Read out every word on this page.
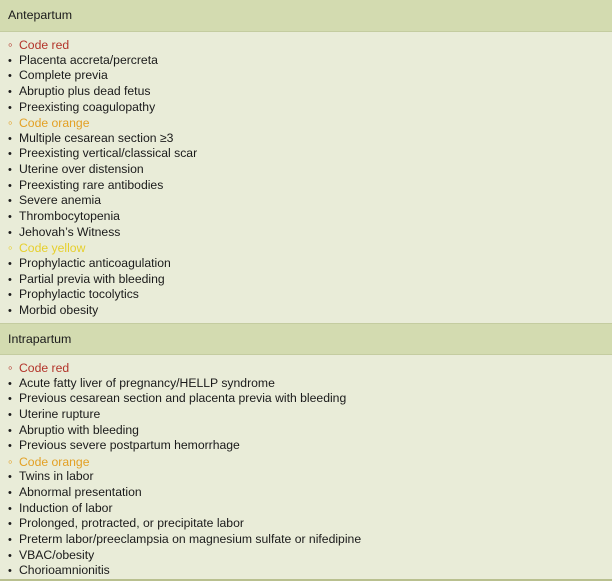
Antepartum
◦Code red
•Placenta accreta/percreta
•Complete previa
•Abruptio plus dead fetus
•Preexisting coagulopathy
◦Code orange
•Multiple cesarean section ≥3
•Preexisting vertical/classical scar
•Uterine over distension
•Preexisting rare antibodies
•Severe anemia
•Thrombocytopenia
•Jehovah’s Witness
◦Code yellow
•Prophylactic anticoagulation
•Partial previa with bleeding
•Prophylactic tocolytics
•Morbid obesity
Intrapartum
◦Code red
•Acute fatty liver of pregnancy/HELLP syndrome
•Previous cesarean section and placenta previa with bleeding
•Uterine rupture
•Abruptio with bleeding
•Previous severe postpartum hemorrhage
◦Code orange
•Twins in labor
•Abnormal presentation
•Induction of labor
•Prolonged, protracted, or precipitate labor
•Preterm labor/preeclampsia on magnesium sulfate or nifedipine
•VBAC/obesity
•Chorioamnionitis
